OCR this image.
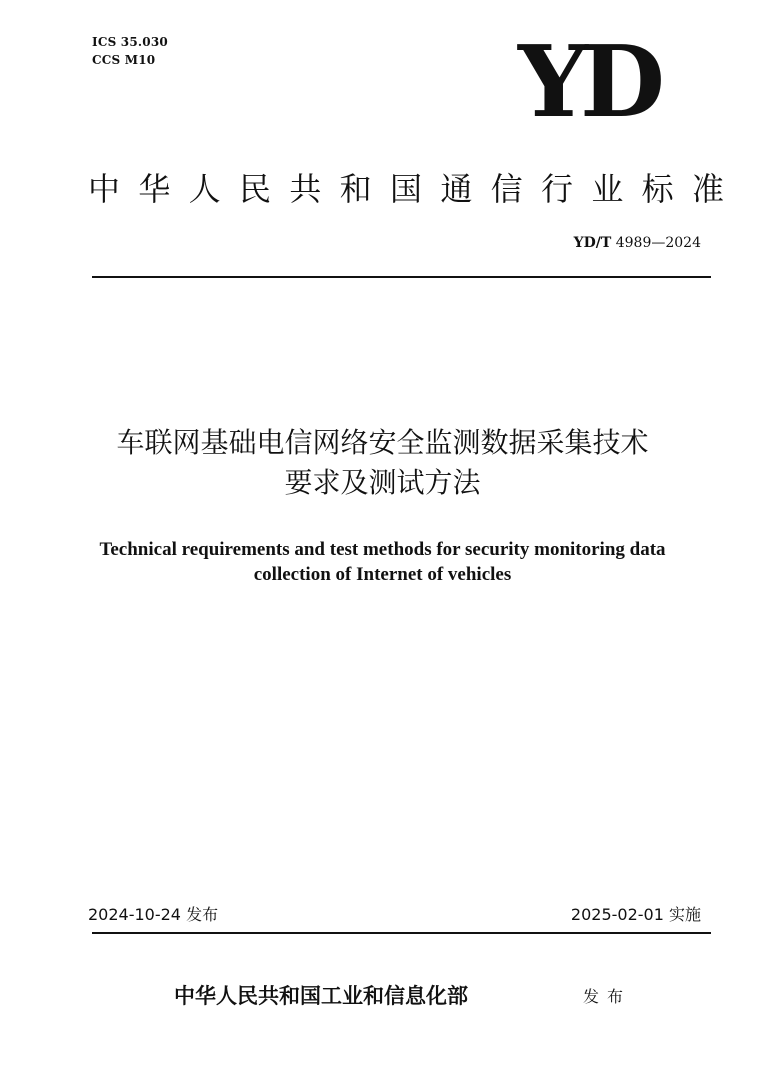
ICS 35.030
CCS M10	YD
中华人民共和国通信行业标准
YD/T 4989—2024
车联网基础电信网络安全监测数据采集技术
要求及测试方法
Technical requirements and test methods for security monitoring data
collection of Internet of vehicles
2024-10-24 发布	2025-02-01 实施
中华人民共和国工业和信息化部	发布
